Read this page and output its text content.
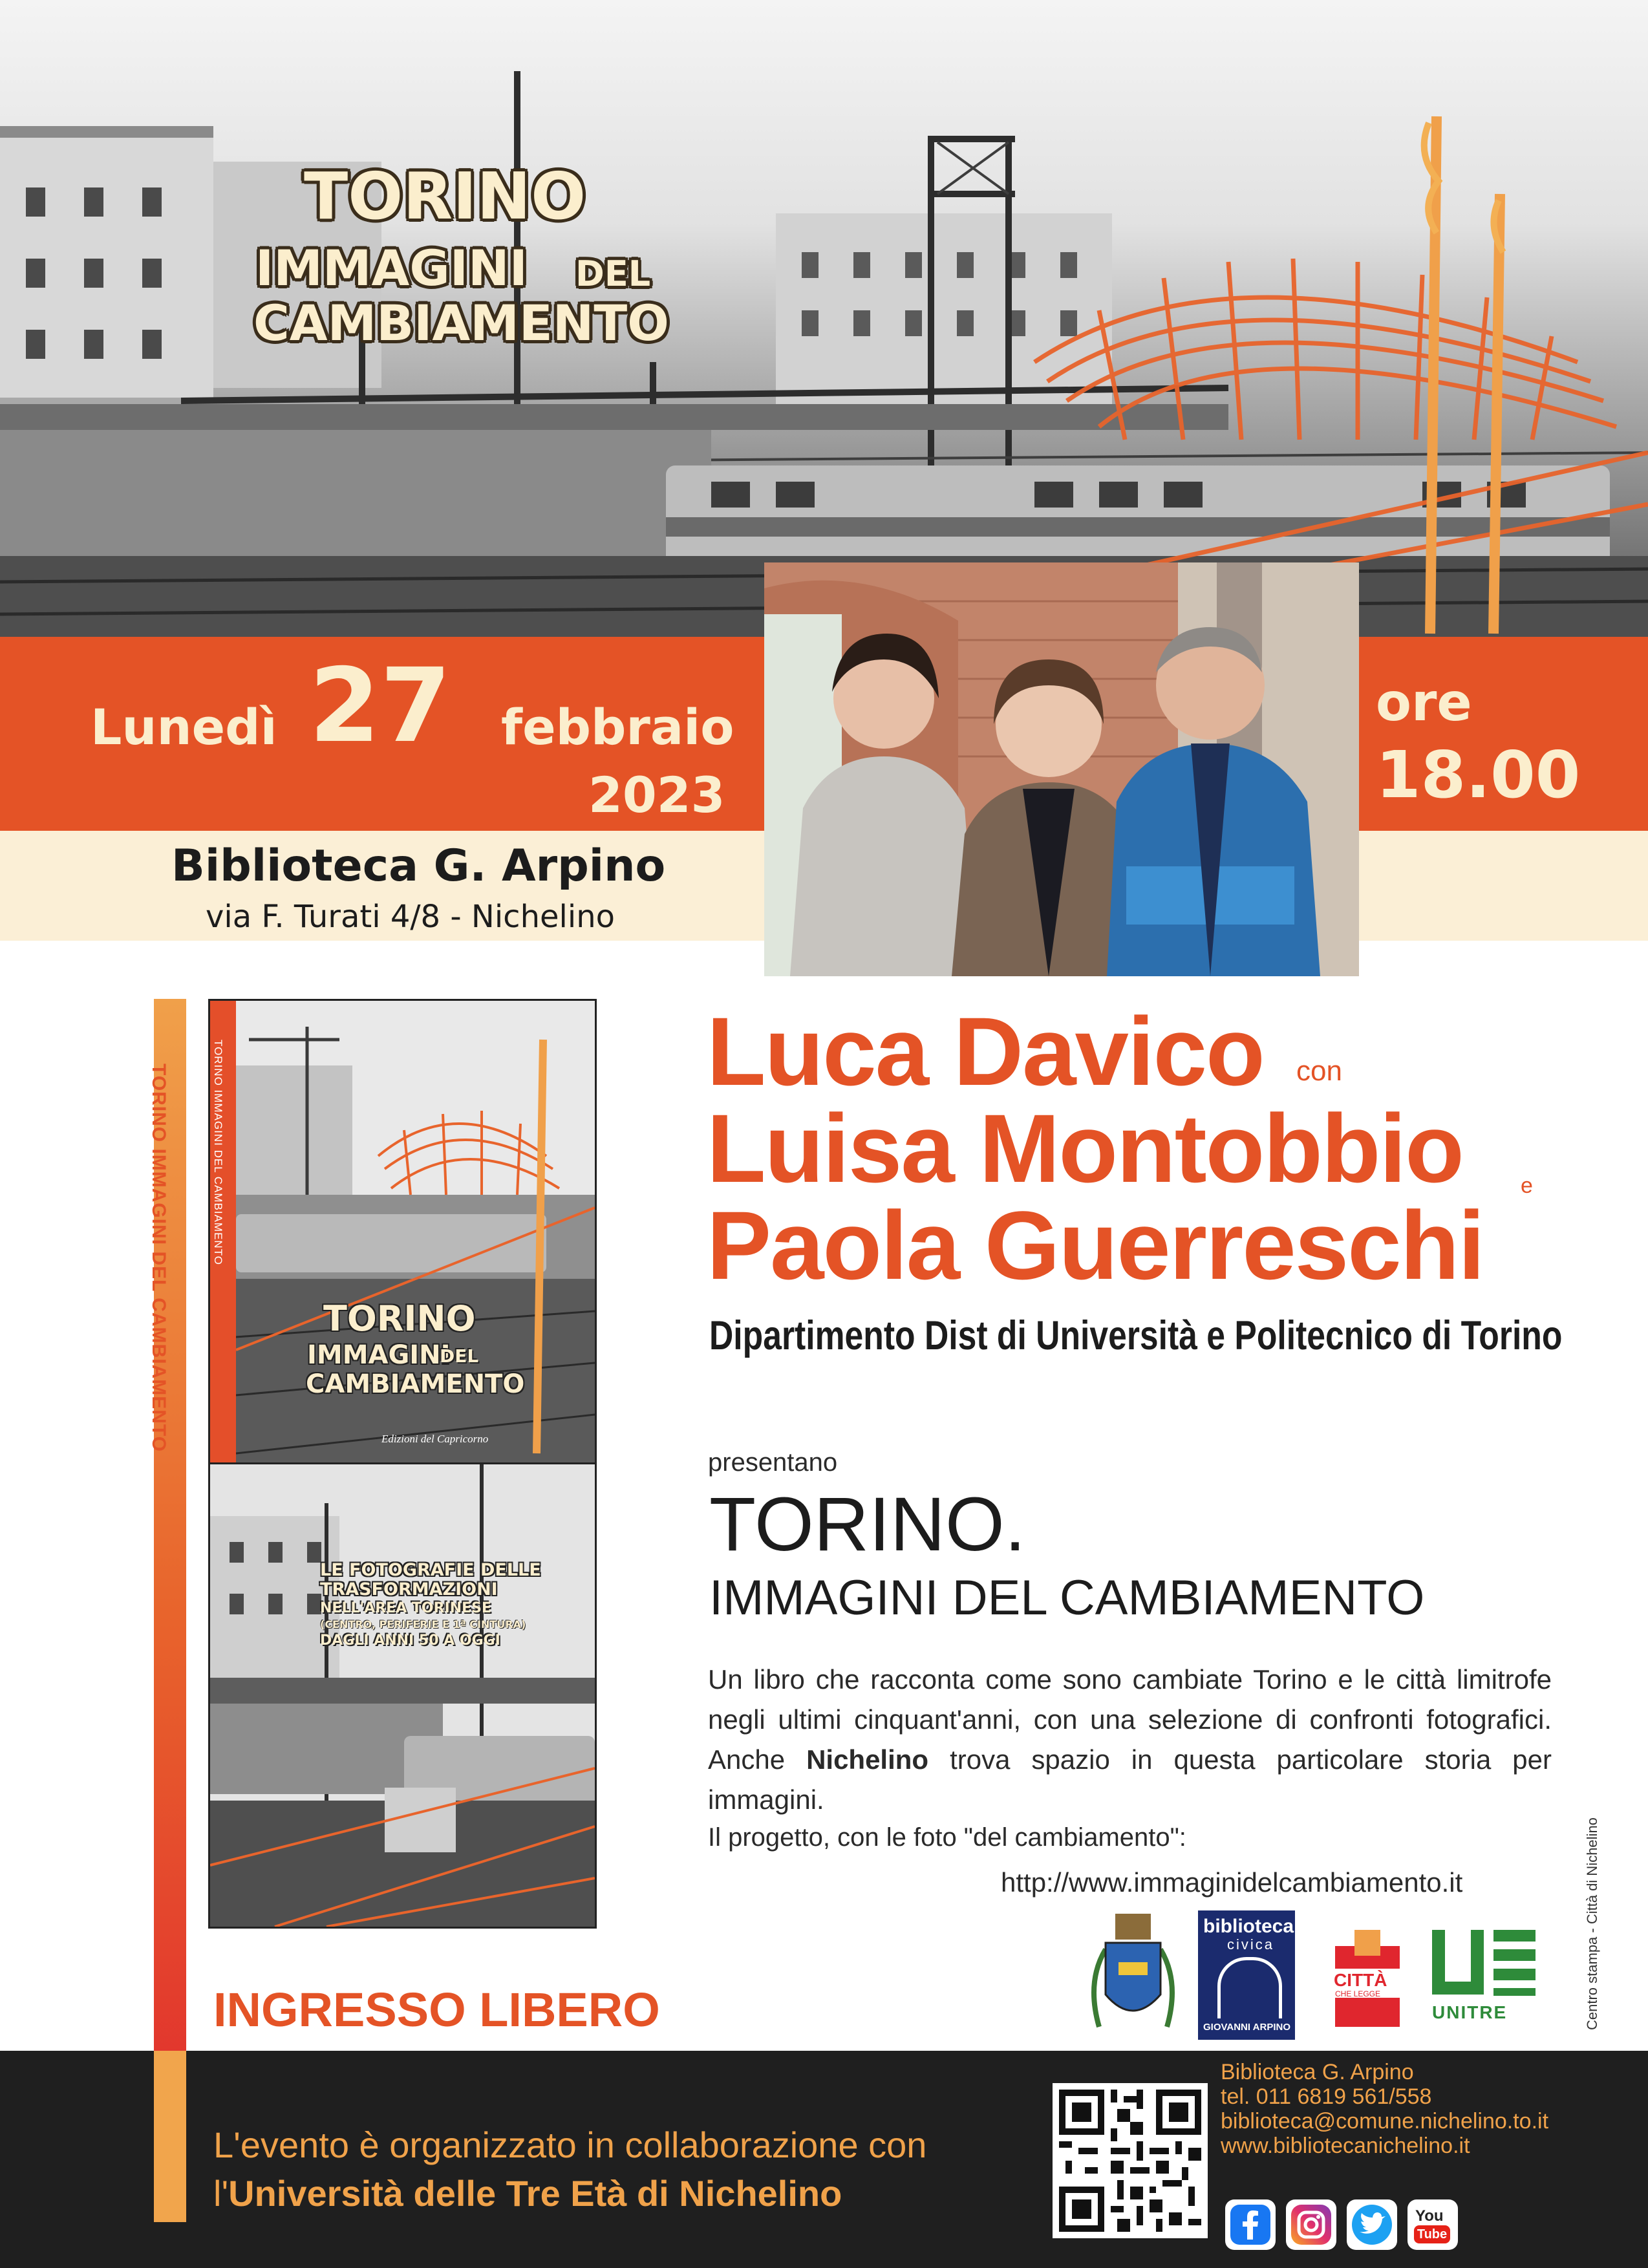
TORINO
IMMAGINI DEL
CAMBIAMENTO
Lunedì 27 febbraio
2023
ore
18.00
Biblioteca G. Arpino
via F. Turati 4/8 - Nichelino
TORINO IMMAGINI DEL CAMBIAMENTO	TORINO IMMAGINI DEL CAMBIAMENTO
TORINO
IMMAGINI
DEL
CAMBIAMENTO
Edizioni del Capricorno
LE FOTOGRAFIE DELLE
TRASFORMAZIONI
NELL'AREA TORINESE
(CENTRO, PERIFERIE E 1ª CINTURA)
DAGLI ANNI 50 A OGGI
INGRESSO LIBERO
Luca Davico con
Luisa Montobbio	e
Paola Guerreschi
Dipartimento Dist di Università e Politecnico di Torino
presentano
TORINO.
IMMAGINI DEL CAMBIAMENTO
Un libro che racconta come sono cambiate Torino e le città limitrofe negli ultimi cinquant'anni, con una selezione di confronti fotografici. Anche Nichelino trova spazio in questa particolare storia per immagini.
Il progetto, con le foto "del cambiamento":
http://www.immaginidelcambiamento.it
biblioteca
civica
GIOVANNI ARPINO
CITTÀ
CHE LEGGE
UNITRE	Centro stampa - Città di Nichelino
L'evento è organizzato in collaborazione con
l'Università delle Tre Età di Nichelino
Biblioteca G. Arpino
tel. 011 6819 561/558
biblioteca@comune.nichelino.to.it
www.bibliotecanichelino.it
You
Tube
